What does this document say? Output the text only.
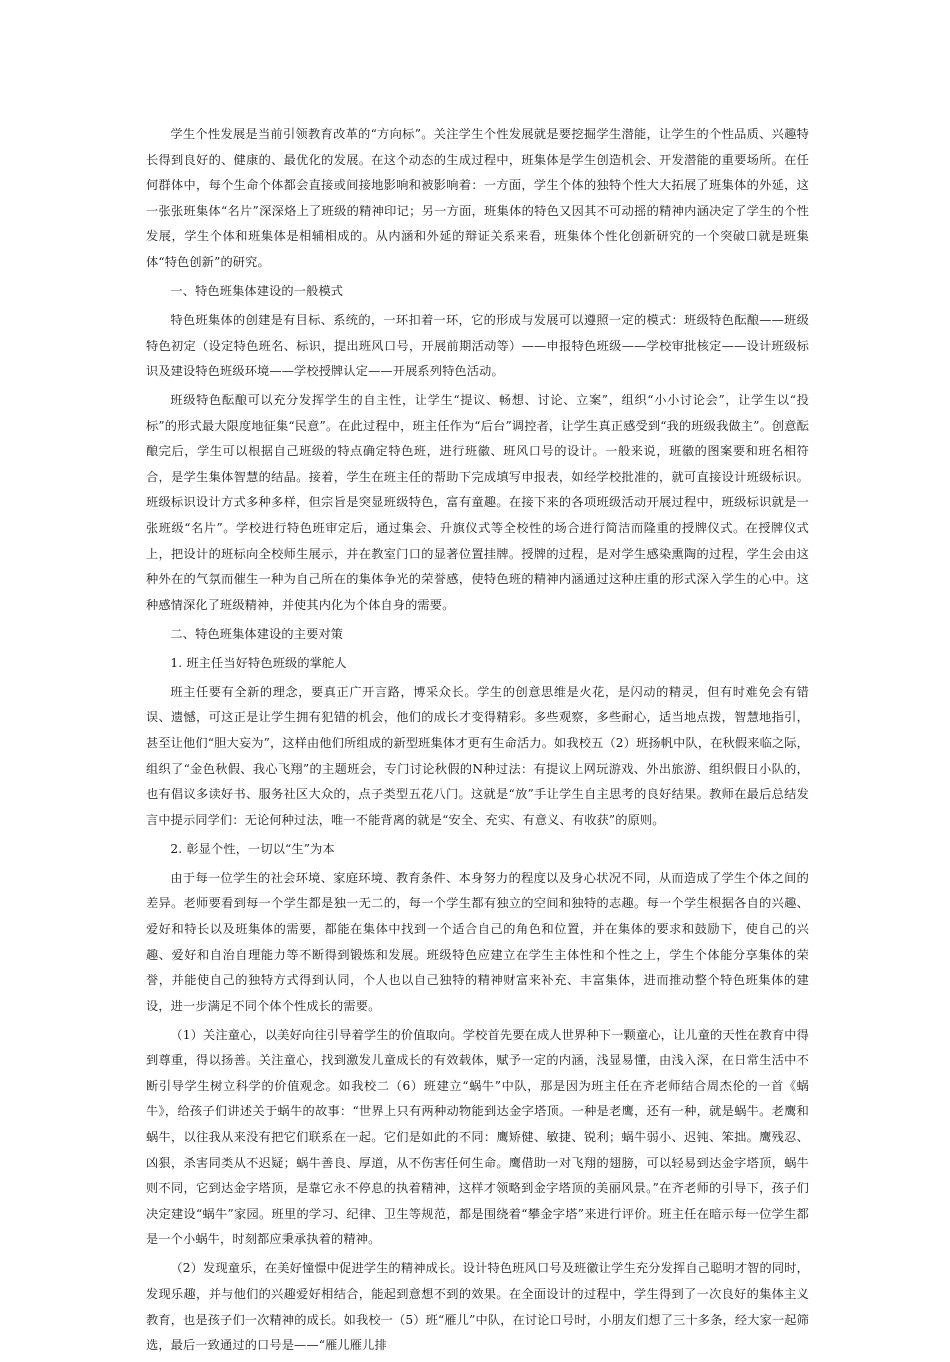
学生个性发展是当前引领教育改革的“方向标”。关注学生个性发展就是要挖掘学生潜能，让学生的个性品质、兴趣特长得到良好的、健康的、最优化的发展。在这个动态的生成过程中，班集体是学生创造机会、开发潜能的重要场所。在任何群体中，每个生命个体都会直接或间接地影响和被影响着：一方面，学生个体的独特个性大大拓展了班集体的外延，这一张张班集体“名片”深深烙上了班级的精神印记；另一方面，班集体的特色又因其不可动摇的精神内涵决定了学生的个性发展，学生个体和班集体是相辅相成的。从内涵和外延的辩证关系来看，班集体个性化创新研究的一个突破口就是班集体“特色创新”的研究。

一、特色班集体建设的一般模式

特色班集体的创建是有目标、系统的，一环扣着一环，它的形成与发展可以遵照一定的模式：班级特色酝酿——班级特色初定（设定特色班名、标识，提出班风口号，开展前期活动等）——申报特色班级——学校审批核定——设计班级标识及建设特色班级环境——学校授牌认定——开展系列特色活动。

班级特色酝酿可以充分发挥学生的自主性，让学生“提议、畅想、讨论、立案”，组织“小小讨论会”，让学生以“投标”的形式最大限度地征集“民意”。在此过程中，班主任作为“后台”调控者，让学生真正感受到“我的班级我做主”。创意酝酿完后，学生可以根据自己班级的特点确定特色班，进行班徽、班风口号的设计。一般来说，班徽的图案要和班名相符合，是学生集体智慧的结晶。接着，学生在班主任的帮助下完成填写申报表，如经学校批准的，就可直接设计班级标识。班级标识设计方式多种多样，但宗旨是突显班级特色，富有童趣。在接下来的各项班级活动开展过程中，班级标识就是一张班级“名片”。学校进行特色班审定后，通过集会、升旗仪式等全校性的场合进行简洁而隆重的授牌仪式。在授牌仪式上，把设计的班标向全校师生展示，并在教室门口的显著位置挂牌。授牌的过程，是对学生感染熏陶的过程，学生会由这种外在的气氛而催生一种为自己所在的集体争光的荣誉感，使特色班的精神内涵通过这种庄重的形式深入学生的心中。这种感情深化了班级精神，并使其内化为个体自身的需要。

二、特色班集体建设的主要对策

1. 班主任当好特色班级的掌舵人

班主任要有全新的理念，要真正广开言路，博采众长。学生的创意思维是火花，是闪动的精灵，但有时难免会有错误、遗憾，可这正是让学生拥有犯错的机会，他们的成长才变得精彩。多些观察，多些耐心，适当地点拨，智慧地指引，甚至让他们“胆大妄为”，这样由他们所组成的新型班集体才更有生命活力。如我校五（2）班扬帆中队，在秋假来临之际，组织了“金色秋假、我心飞翔”的主题班会，专门讨论秋假的N种过法：有提议上网玩游戏、外出旅游、组织假日小队的，也有倡议多读好书、服务社区大众的，点子类型五花八门。这就是“放”手让学生自主思考的良好结果。教师在最后总结发言中提示同学们：无论何种过法，唯一不能背离的就是“安全、充实、有意义、有收获”的原则。

2. 彰显个性，一切以“生”为本

由于每一位学生的社会环境、家庭环境、教育条件、本身努力的程度以及身心状况不同，从而造成了学生个体之间的差异。老师要看到每一个学生都是独一无二的，每一个学生都有独立的空间和独特的志趣。每一个学生根据各自的兴趣、爱好和特长以及班集体的需要，都能在集体中找到一个适合自己的角色和位置，并在集体的要求和鼓励下，使自己的兴趣、爱好和自治自理能力等不断得到锻炼和发展。班级特色应建立在学生主体性和个性之上，学生个体能分享集体的荣誉，并能使自己的独特方式得到认同，个人也以自己独特的精神财富来补充、丰富集体，进而推动整个特色班集体的建设，进一步满足不同个体个性成长的需要。

（1）关注童心，以美好向往引导着学生的价值取向。学校首先要在成人世界种下一颗童心，让儿童的天性在教育中得到尊重，得以扬善。关注童心，找到激发儿童成长的有效载体，赋予一定的内涵，浅显易懂，由浅入深，在日常生活中不断引导学生树立科学的价值观念。如我校二（6）班建立“蜗牛”中队，那是因为班主任在齐老师结合周杰伦的一首《蜗牛》，给孩子们讲述关于蜗牛的故事：“世界上只有两种动物能到达金字塔顶。一种是老鹰，还有一种，就是蜗牛。老鹰和蜗牛，以往我从来没有把它们联系在一起。它们是如此的不同：鹰矫健、敏捷、锐利；蜗牛弱小、迟钝、笨拙。鹰残忍、凶狠，杀害同类从不迟疑；蜗牛善良、厚道，从不伤害任何生命。鹰借助一对飞翔的翅膀，可以轻易到达金字塔顶，蜗牛则不同，它到达金字塔顶，是靠它永不停息的执着精神，这样才领略到金字塔顶的美丽风景。”在齐老师的引导下，孩子们决定建设“蜗牛”家园。班里的学习、纪律、卫生等规范，都是围绕着“攀金字塔”来进行评价。班主任在暗示每一位学生都是一个小蜗牛，时刻都应秉承执着的精神。

（2）发现童乐，在美好憧憬中促进学生的精神成长。设计特色班风口号及班徽让学生充分发挥自己聪明才智的同时，发现乐趣，并与他们的兴趣爱好相结合，能起到意想不到的效果。在全面设计的过程中，学生得到了一次良好的集体主义教育，也是孩子们一次精神的成长。如我校一（5）班“雁儿”中队，在讨论口号时，小朋友们想了三十多条，经大家一起筛选，最后一致通过的口号是——“雁儿雁儿排
